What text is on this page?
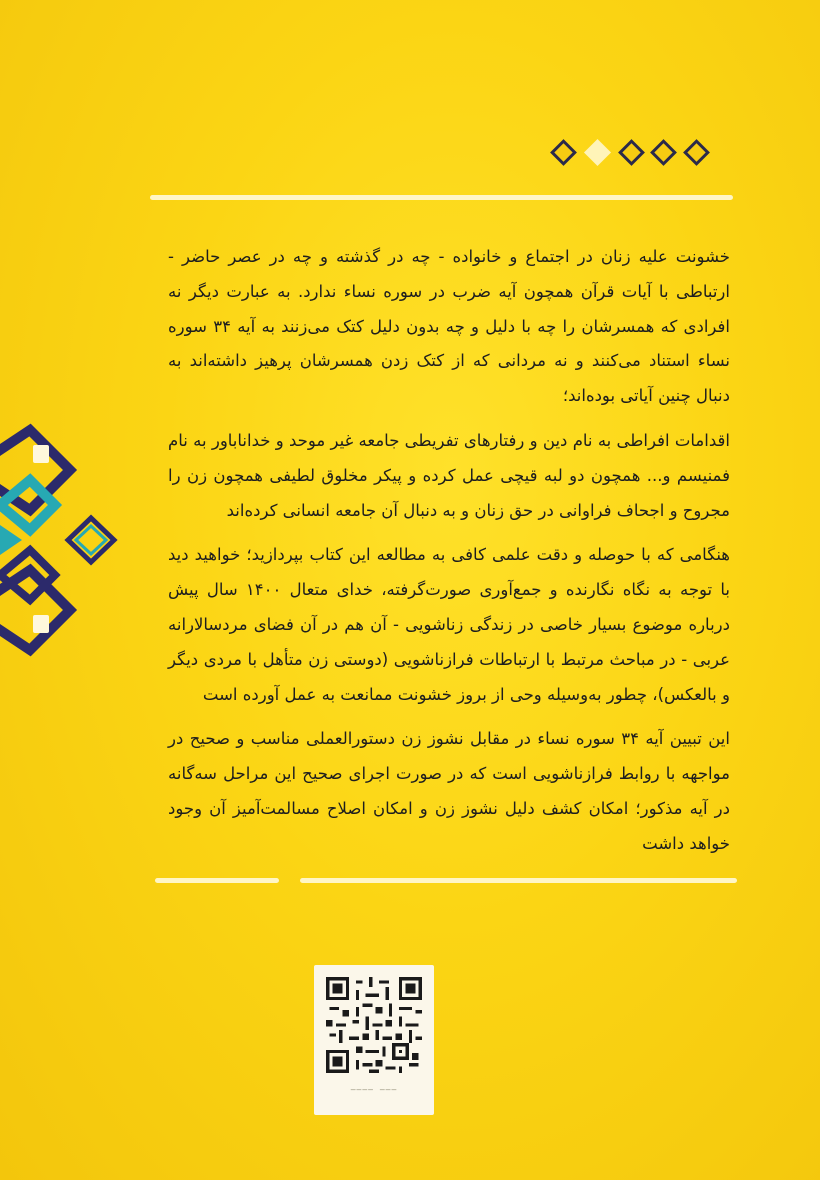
خشونت علیه زنان در اجتماع و خانواده - چه در گذشته و چه در عصر حاضر - ارتباطی با آیات قرآن همچون آیه ضرب در سوره نساء ندارد. به عبارت دیگر نه افرادی که همسرشان را چه با دلیل و چه بدون دلیل کتک می‌زنند به آیه ۳۴ سوره نساء استناد می‌کنند و نه مردانی که از کتک زدن همسرشان پرهیز داشته‌اند به دنبال چنین آیاتی بوده‌اند؛

اقدامات افراطی به نام دین و رفتارهای تفریطی جامعه غیر موحد و خداناباور به نام فمنیسم و... همچون دو لبه قیچی عمل کرده و پیکر مخلوق لطیفی همچون زن را مجروح و اجحاف فراوانی در حق زنان و به دنبال آن جامعه انسانی کرده‌اند

هنگامی که با حوصله و دقت علمی کافی به مطالعه این کتاب بپردازید؛ خواهید دید با توجه به نگاه نگارنده و جمع‌آوری صورت‌گرفته، خدای متعال ۱۴۰۰ سال پیش درباره موضوع بسیار خاصی در زندگی زناشویی - آن هم در آن فضای مردسالارانه عربی - در مباحث مرتبط با ارتباطات فرازناشویی (دوستی زن متأهل با مردی دیگر و بالعکس)، چطور به‌وسیله وحی از بروز خشونت ممانعت به عمل آورده است

این تبیین آیه ۳۴ سوره نساء در مقابل نشوز زن دستورالعملی مناسب و صحیح در مواجهه با روابط فرازناشویی است که در صورت اجرای صحیح این مراحل سه‌گانه در آیه مذکور؛ امکان کشف دلیل نشوز زن و امکان اصلاح مسالمت‌آمیز آن وجود خواهد داشت

———— ———
